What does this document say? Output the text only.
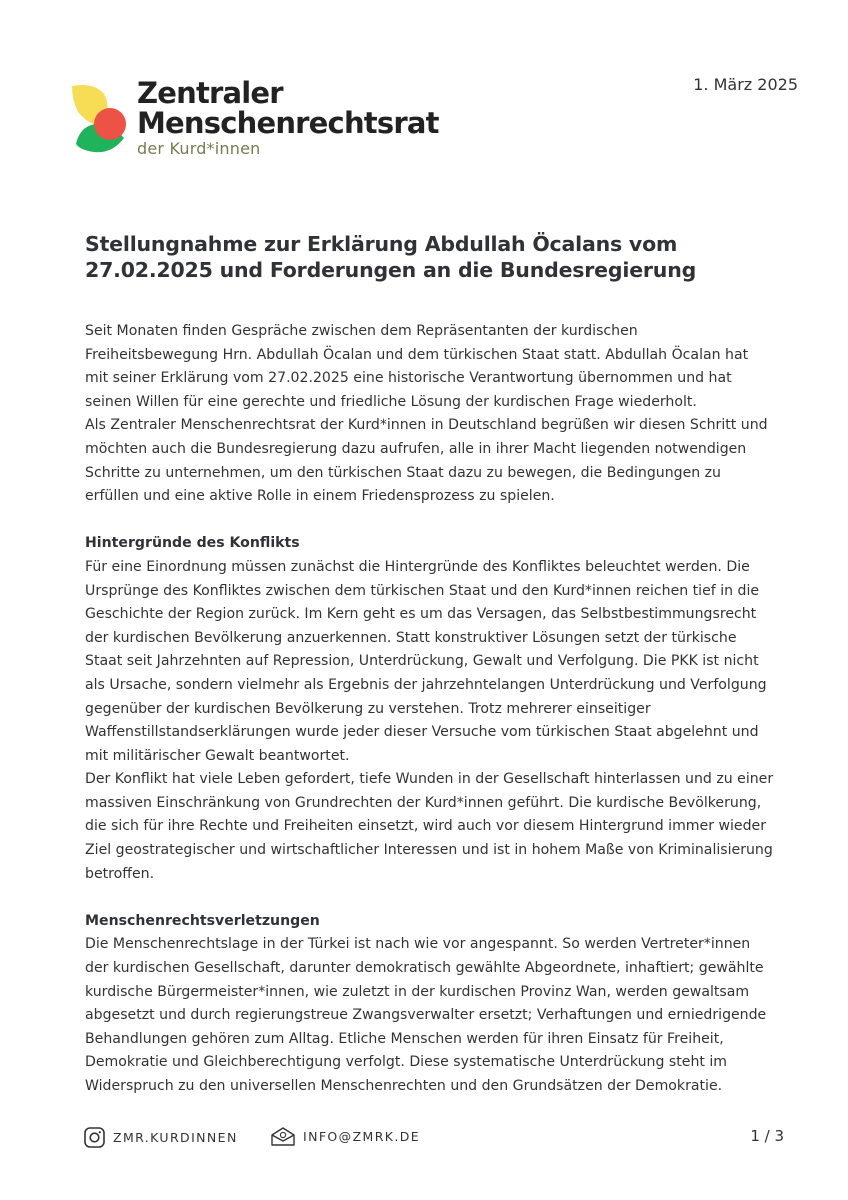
Zentraler
Menschenrechtsrat
der Kurd*innen
1. März 2025
Stellungnahme zur Erklärung Abdullah Öcalans vom 27.02.2025 und Forderungen an die Bundesregierung

Seit Monaten finden Gespräche zwischen dem Repräsentanten der kurdischen Freiheitsbewegung Hrn. Abdullah Öcalan und dem türkischen Staat statt. Abdullah Öcalan hat mit seiner Erklärung vom 27.02.2025 eine historische Verantwortung übernommen und hat seinen Willen für eine gerechte und friedliche Lösung der kurdischen Frage wiederholt.

Als Zentraler Menschenrechtsrat der Kurd*innen in Deutschland begrüßen wir diesen Schritt und möchten auch die Bundesregierung dazu aufrufen, alle in ihrer Macht liegenden notwendigen Schritte zu unternehmen, um den türkischen Staat dazu zu bewegen, die Bedingungen zu erfüllen und eine aktive Rolle in einem Friedensprozess zu spielen.

Hintergründe des Konflikts

Für eine Einordnung müssen zunächst die Hintergründe des Konfliktes beleuchtet werden. Die Ursprünge des Konfliktes zwischen dem türkischen Staat und den Kurd*innen reichen tief in die Geschichte der Region zurück. Im Kern geht es um das Versagen, das Selbstbestimmungsrecht der kurdischen Bevölkerung anzuerkennen. Statt konstruktiver Lösungen setzt der türkische Staat seit Jahrzehnten auf Repression, Unterdrückung, Gewalt und Verfolgung. Die PKK ist nicht als Ursache, sondern vielmehr als Ergebnis der jahrzehntelangen Unterdrückung und Verfolgung gegenüber der kurdischen Bevölkerung zu verstehen. Trotz mehrerer einseitiger Waffenstillstandserklärungen wurde jeder dieser Versuche vom türkischen Staat abgelehnt und mit militärischer Gewalt beantwortet.

Der Konflikt hat viele Leben gefordert, tiefe Wunden in der Gesellschaft hinterlassen und zu einer massiven Einschränkung von Grundrechten der Kurd*innen geführt. Die kurdische Bevölkerung, die sich für ihre Rechte und Freiheiten einsetzt, wird auch vor diesem Hintergrund immer wieder Ziel geostrategischer und wirtschaftlicher Interessen und ist in hohem Maße von Kriminalisierung betroffen.

Menschenrechtsverletzungen

Die Menschenrechtslage in der Türkei ist nach wie vor angespannt. So werden Vertreter*innen der kurdischen Gesellschaft, darunter demokratisch gewählte Abgeordnete, inhaftiert; gewählte kurdische Bürgermeister*innen, wie zuletzt in der kurdischen Provinz Wan, werden gewaltsam abgesetzt und durch regierungstreue Zwangsverwalter ersetzt; Verhaftungen und erniedrigende Behandlungen gehören zum Alltag. Etliche Menschen werden für ihren Einsatz für Freiheit, Demokratie und Gleichberechtigung verfolgt. Diese systematische Unterdrückung steht im Widerspruch zu den universellen Menschenrechten und den Grundsätzen der Demokratie.

ZMR.KURDINNEN	INFO@ZMRK.DE	1 / 3
